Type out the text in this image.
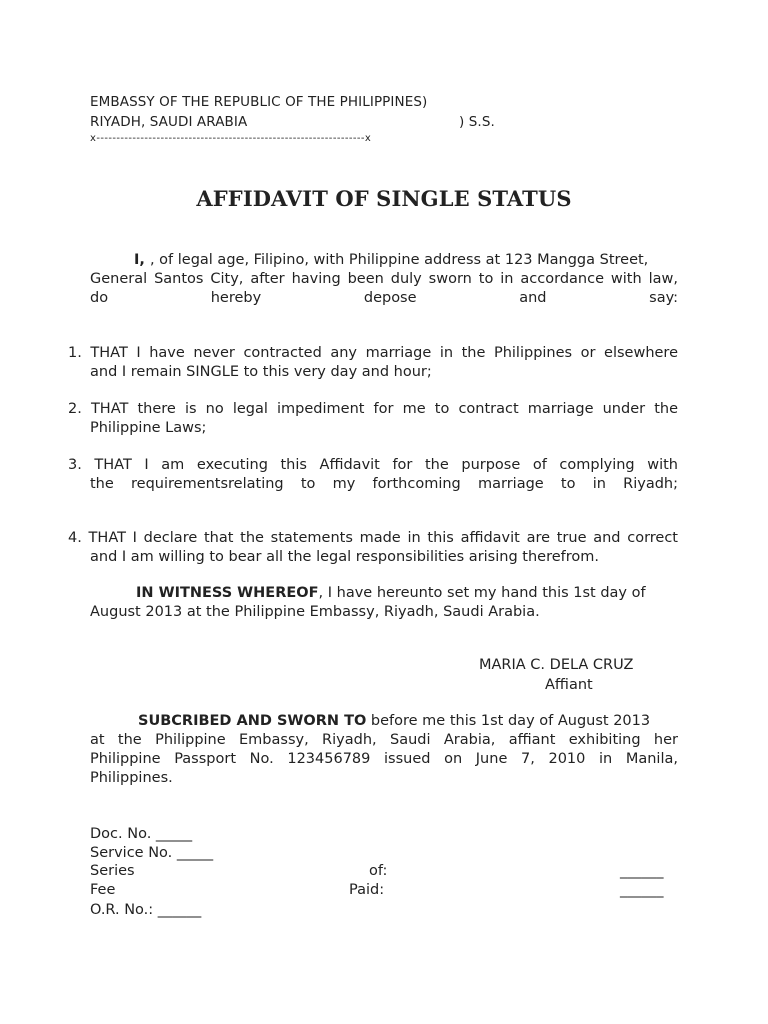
EMBASSY OF THE REPUBLIC OF THE PHILIPPINES)
RIYADH, SAUDI ARABIA	) S.S.
x-------------------------------------------------------------------x
AFFIDAVIT OF SINGLE STATUS
I, , of legal age, Filipino, with Philippine address at 123 Mangga Street,
General Santos City, after having been duly sworn to in accordance with law,
do	hereby	depose	and	say:
1. THAT I have never contracted any marriage in the Philippines or elsewhere
and I remain SINGLE to this very day and hour;
2. THAT there is no legal impediment for me to contract marriage under the
Philippine Laws;
3. THAT I am executing this Affidavit for the purpose of complying with
the requirementsrelating to my forthcoming marriage to in Riyadh;
4. THAT I declare that the statements made in this affidavit are true and correct
and I am willing to bear all the legal responsibilities arising therefrom.
IN WITNESS WHEREOF, I have hereunto set my hand this 1st day of
August 2013 at the Philippine Embassy, Riyadh, Saudi Arabia.
MARIA C. DELA CRUZ
Affiant
SUBCRIBED AND SWORN TO before me this 1st day of August 2013
at the Philippine Embassy, Riyadh, Saudi Arabia, affiant exhibiting her
Philippine Passport No. 123456789 issued on June 7, 2010 in Manila,
Philippines.
Doc. No. _____
Service No. _____
Series	of:	______
Fee	Paid:	______
O.R. No.: ______
